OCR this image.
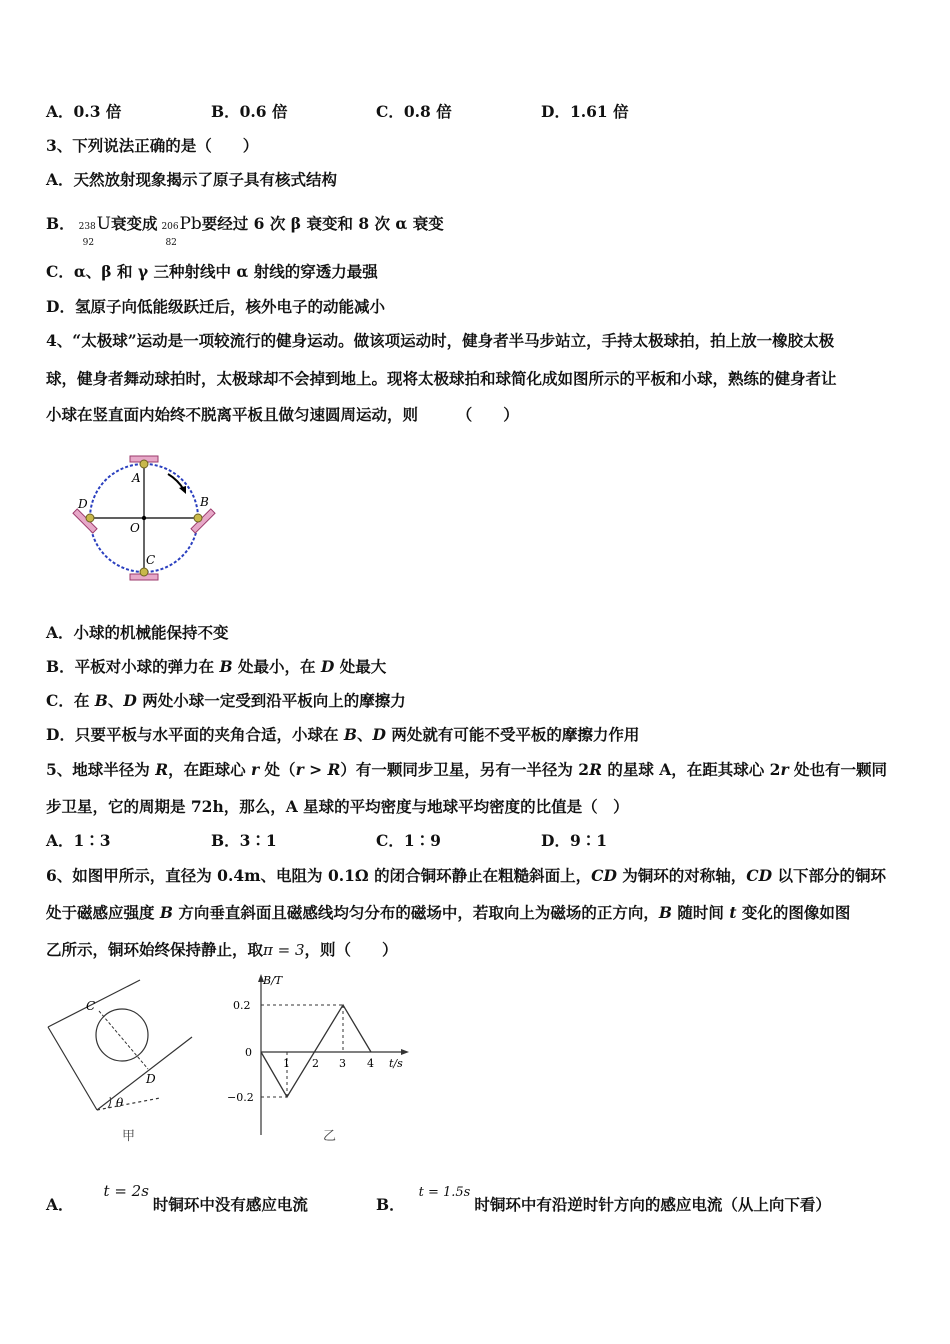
A．0.3 倍	B．0.6 倍	C．0.8 倍	D．1.61 倍
3、下列说法正确的是（　　）
A．天然放射现象揭示了原子具有核式结构
B． 238
92
U衰变成 206
82
Pb要经过 6 次 β 衰变和 8 次 α 衰变
C．α、β 和 γ 三种射线中 α 射线的穿透力最强
D．氢原子向低能级跃迁后，核外电子的动能减小
4、“太极球”运动是一项较流行的健身运动。做该项运动时，健身者半马步站立，手持太极球拍，拍上放一橡胶太极
球，健身者舞动球拍时，太极球却不会掉到地上。现将太极球拍和球简化成如图所示的平板和小球，熟练的健身者让
小球在竖直面内始终不脱离平板且做匀速圆周运动，则　　　（　　）
A
B
C
D
O
A．小球的机械能保持不变
B．平板对小球的弹力在 B 处最小，在 D 处最大
C．在 B、D 两处小球一定受到沿平板向上的摩擦力
D．只要平板与水平面的夹角合适，小球在 B、D 两处就有可能不受平板的摩擦力作用
5、地球半径为 R，在距球心 r 处（r > R）有一颗同步卫星，另有一半径为 2R 的星球 A，在距其球心 2r 处也有一颗同
步卫星，它的周期是 72h，那么，A 星球的平均密度与地球平均密度的比值是（　）
A．1∶3	B．3∶1	C．1∶9	D．9∶1
6、如图甲所示，直径为 0.4m、电阻为 0.1Ω 的闭合铜环静止在粗糙斜面上，CD 为铜环的对称轴，CD 以下部分的铜环
处于磁感应强度 B 方向垂直斜面且磁感线均匀分布的磁场中，若取向上为磁场的正方向，B 随时间 t 变化的图像如图
乙所示，铜环始终保持静止，取π = 3，则（　　）
C
D
θ
甲
B/T
0.2
0
−0.2
1 2 3 4 t/s
乙
A．t = 2s时铜环中没有感应电流	B．$^{t = 1.5s}$时铜环中有沿逆时针方向的感应电流（从上向下看）
